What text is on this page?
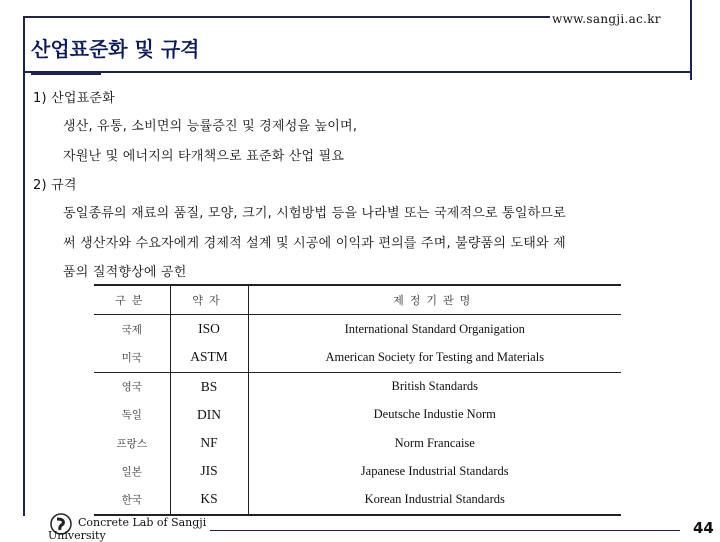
www.sangji.ac.kr
산업표준화 및 규격
1) 산업표준화
생산, 유통, 소비면의 능률증진 및 경제성을 높이며,
자원난 및 에너지의 타개책으로 표준화 산업 필요
2) 규격
동일종류의 재료의 품질, 모양, 크기, 시험방법 등을 나라별 또는 국제적으로 통일하므로
써 생산자와 수요자에게 경제적 설계 및 시공에 이익과 편의를 주며, 불량품의 도태와 제
품의 질적향상에 공헌
구분	약자	제정기관명
국제	ISO	International Standard Organigation
미국	ASTM	American Society for Testing and Materials
영국	BS	British Standards
독일	DIN	Deutsche Industie Norm
프랑스	NF	Norm Francaise
일본	JIS	Japanese Industrial Standards
한국	KS	Korean Industrial Standards
Concrete Lab of Sangji
University	44
